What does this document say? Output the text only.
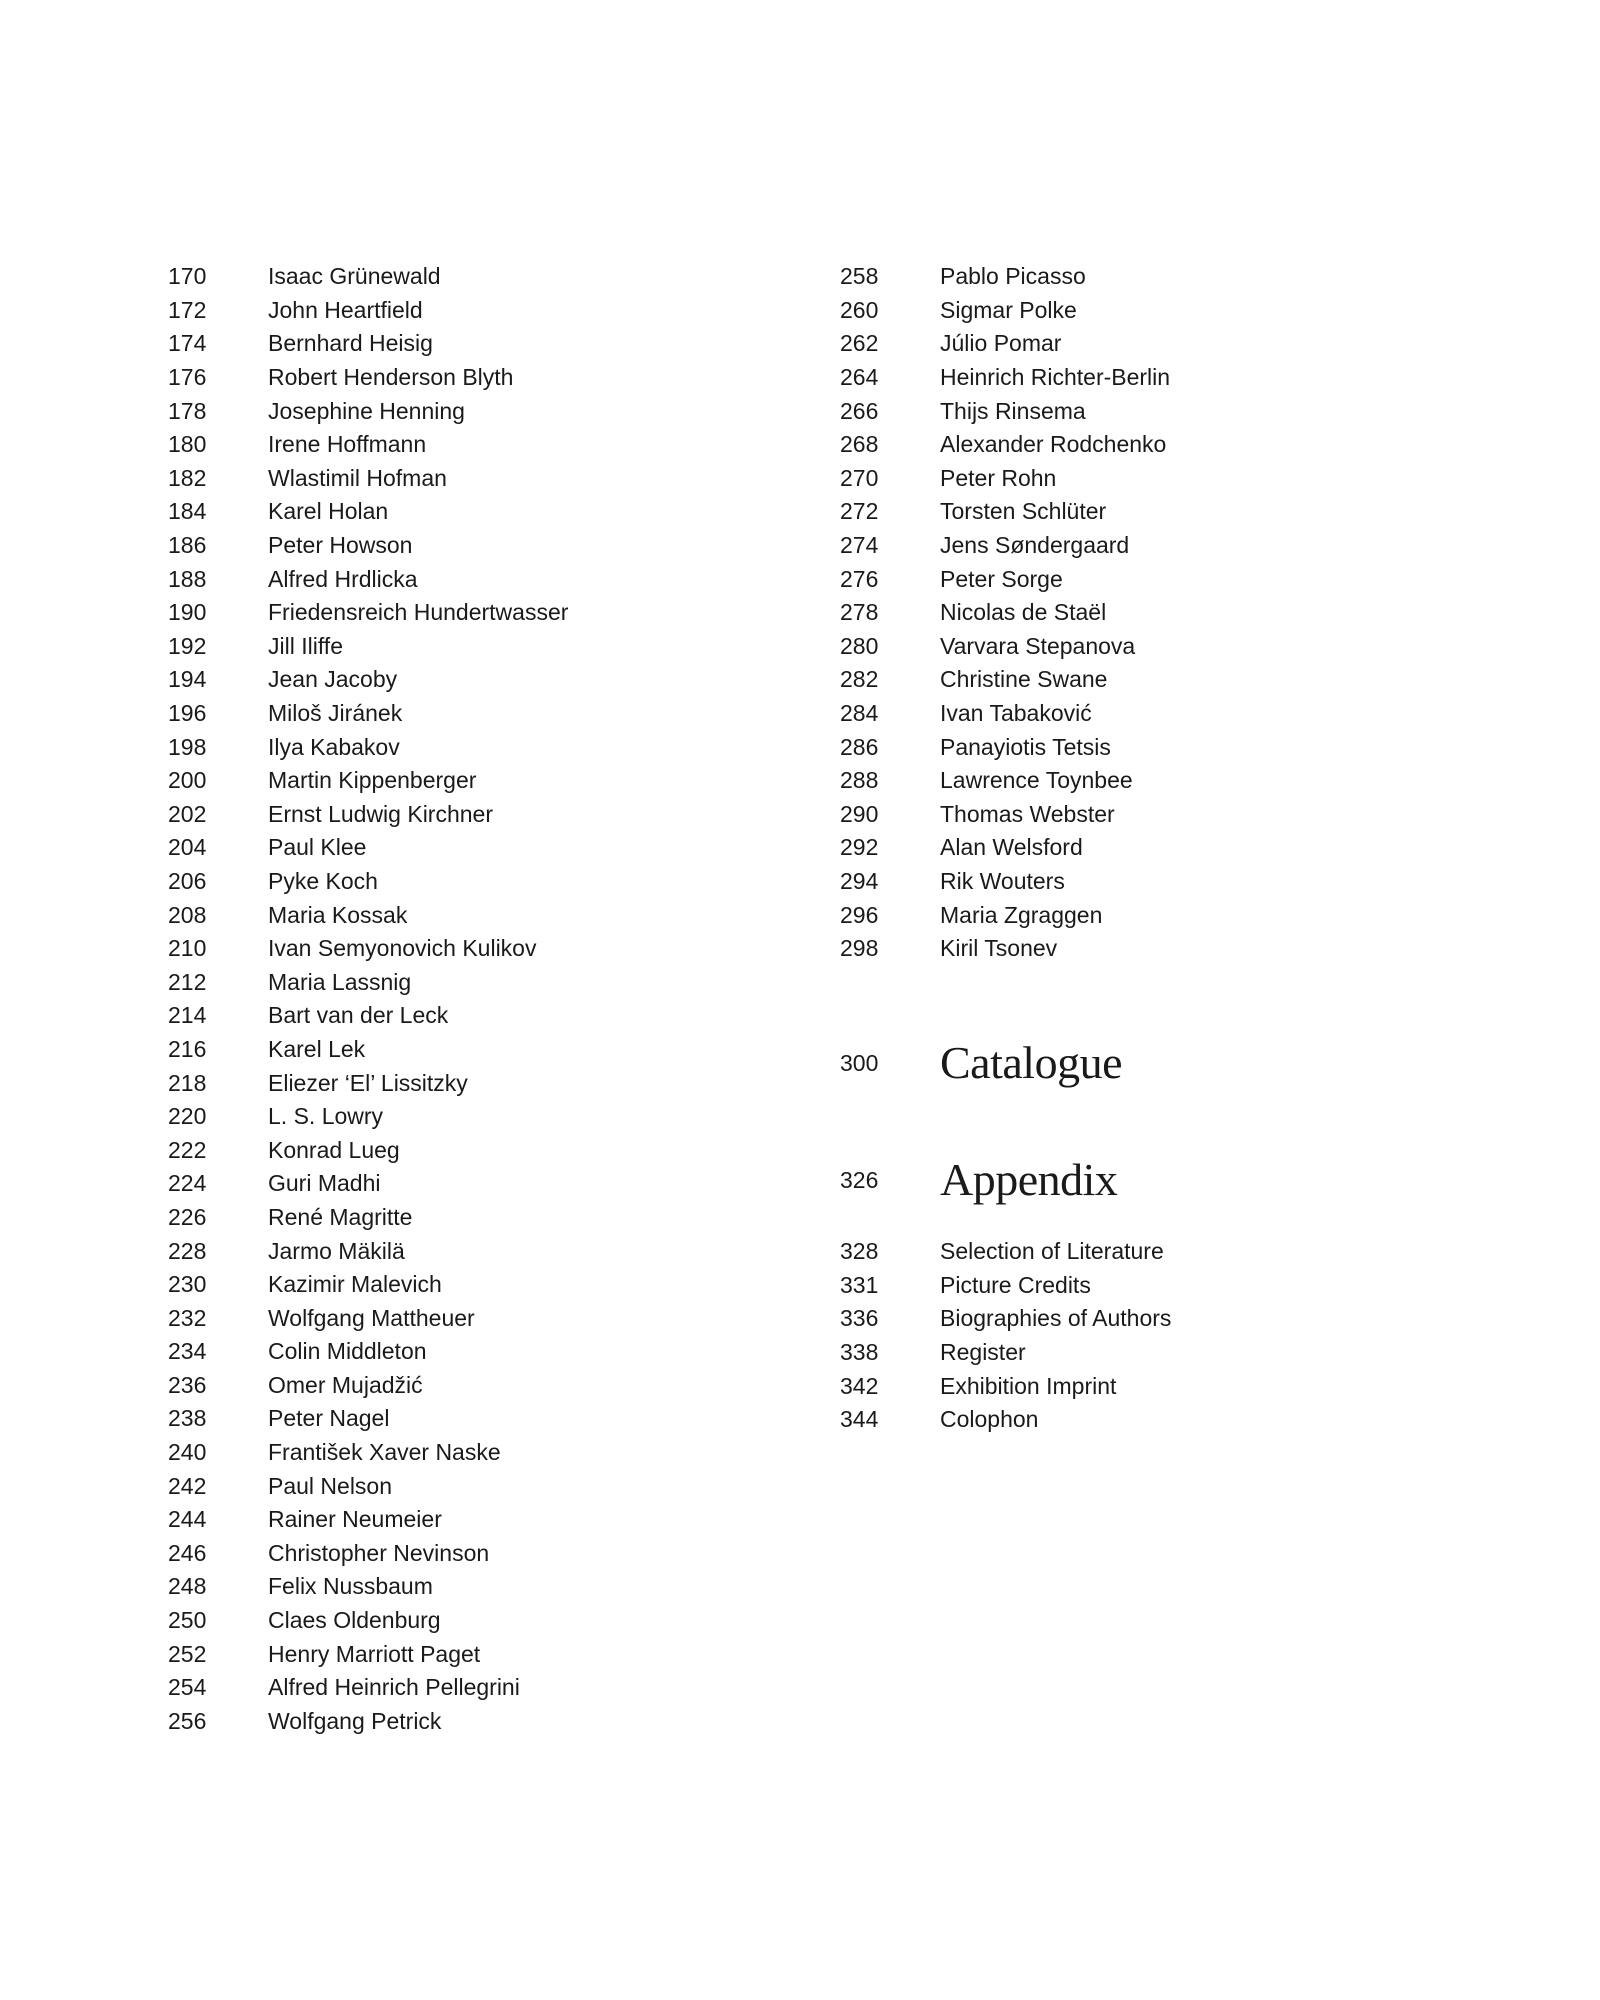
170	Isaac Grünewald
172	John Heartfield
174	Bernhard Heisig
176	Robert Henderson Blyth
178	Josephine Henning
180	Irene Hoffmann
182	Wlastimil Hofman
184	Karel Holan
186	Peter Howson
188	Alfred Hrdlicka
190	Friedensreich Hundertwasser
192	Jill Iliffe
194	Jean Jacoby
196	Miloš Jiránek
198	Ilya Kabakov
200	Martin Kippenberger
202	Ernst Ludwig Kirchner
204	Paul Klee
206	Pyke Koch
208	Maria Kossak
210	Ivan Semyonovich Kulikov
212	Maria Lassnig
214	Bart van der Leck
216	Karel Lek
218	Eliezer ‘El’ Lissitzky
220	L. S. Lowry
222	Konrad Lueg
224	Guri Madhi
226	René Magritte
228	Jarmo Mäkilä
230	Kazimir Malevich
232	Wolfgang Mattheuer
234	Colin Middleton
236	Omer Mujadžić
238	Peter Nagel
240	František Xaver Naske
242	Paul Nelson
244	Rainer Neumeier
246	Christopher Nevinson
248	Felix Nussbaum
250	Claes Oldenburg
252	Henry Marriott Paget
254	Alfred Heinrich Pellegrini
256	Wolfgang Petrick
258	Pablo Picasso
260	Sigmar Polke
262	Júlio Pomar
264	Heinrich Richter-Berlin
266	Thijs Rinsema
268	Alexander Rodchenko
270	Peter Rohn
272	Torsten Schlüter
274	Jens Søndergaard
276	Peter Sorge
278	Nicolas de Staël
280	Varvara Stepanova
282	Christine Swane
284	Ivan Tabaković
286	Panayiotis Tetsis
288	Lawrence Toynbee
290	Thomas Webster
292	Alan Welsford
294	Rik Wouters
296	Maria Zgraggen
298	Kiril Tsonev
300	Catalogue
326	Appendix
328	Selection of Literature
331	Picture Credits
336	Biographies of Authors
338	Register
342	Exhibition Imprint
344	Colophon
